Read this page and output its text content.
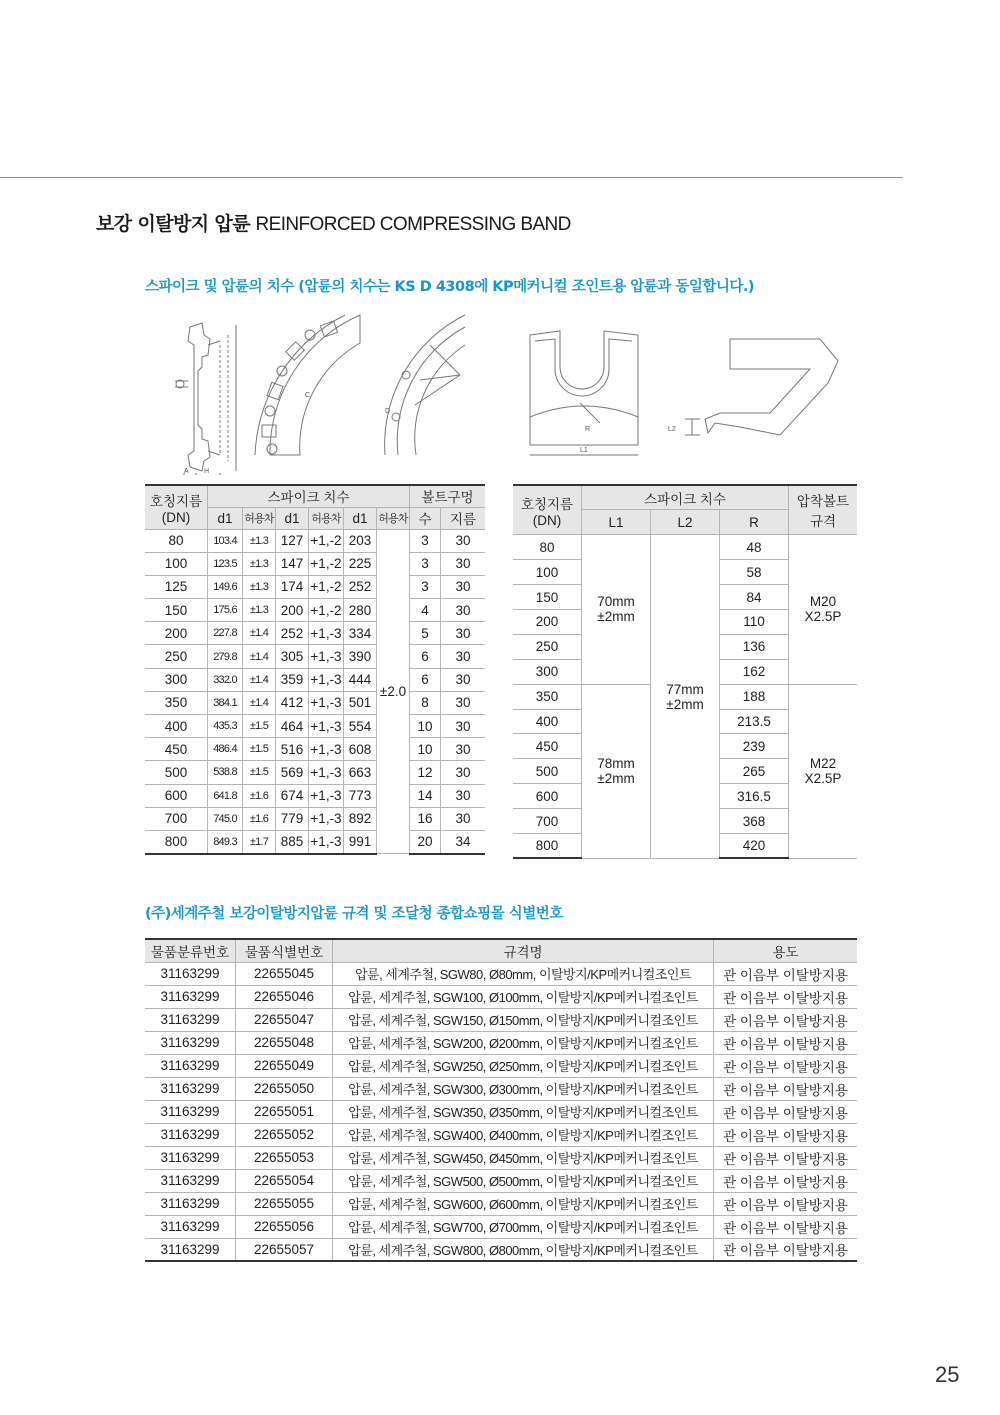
보강 이탈방지 압륜 REINFORCED COMPRESSING BAND
스파이크 및 압륜의 치수 (압륜의 치수는 KS D 4308에 KP메커니컬 조인트용 압륜과 동일합니다.)
A H
C
D
R
L1
L2
호칭지름
(DN)	스파이크 치수						볼트구멍	
	d1	허용차	d1	허용차	d1	허용차	수	지름
80	103.4	±1.3	127	+1,-2	203	±2.0	3	30
100	123.5	±1.3	147	+1,-2	225		3	30
125	149.6	±1.3	174	+1,-2	252		3	30
150	175.6	±1.3	200	+1,-2	280		4	30
200	227.8	±1.4	252	+1,-3	334		5	30
250	279.8	±1.4	305	+1,-3	390		6	30
300	332.0	±1.4	359	+1,-3	444		6	30
350	384.1	±1.4	412	+1,-3	501		8	30
400	435.3	±1.5	464	+1,-3	554		10	30
450	486.4	±1.5	516	+1,-3	608		10	30
500	538.8	±1.5	569	+1,-3	663		12	30
600	641.8	±1.6	674	+1,-3	773		14	30
700	745.0	±1.6	779	+1,-3	892		16	30
800	849.3	±1.7	885	+1,-3	991		20	34
호칭지름
(DN)	스파이크 치수			압착볼트
규격
	L1	L2	R	
80	70mm
±2mm	77mm
±2mm	48	M20
X2.5P
100			58	
150			84	
200			110	
250			136	
300			162	
350	78mm
±2mm		188	M22
X2.5P
400			213.5	
450			239	
500			265	
600			316.5	
700			368	
800			420	
(주)세계주철 보강이탈방지압륜 규격 및 조달청 종합쇼핑몰 식별번호
물품분류번호	물품식별번호	규격명	용도
31163299	22655045	압륜, 세계주철, SGW80, Ø80mm, 이탈방지/KP메커니컬조인트	관 이음부 이탈방지용
31163299	22655046	압륜, 세계주철, SGW100, Ø100mm, 이탈방지/KP메커니컬조인트	관 이음부 이탈방지용
31163299	22655047	압륜, 세계주철, SGW150, Ø150mm, 이탈방지/KP메커니컬조인트	관 이음부 이탈방지용
31163299	22655048	압륜, 세계주철, SGW200, Ø200mm, 이탈방지/KP메커니컬조인트	관 이음부 이탈방지용
31163299	22655049	압륜, 세계주철, SGW250, Ø250mm, 이탈방지/KP메커니컬조인트	관 이음부 이탈방지용
31163299	22655050	압륜, 세계주철, SGW300, Ø300mm, 이탈방지/KP메커니컬조인트	관 이음부 이탈방지용
31163299	22655051	압륜, 세계주철, SGW350, Ø350mm, 이탈방지/KP메커니컬조인트	관 이음부 이탈방지용
31163299	22655052	압륜, 세계주철, SGW400, Ø400mm, 이탈방지/KP메커니컬조인트	관 이음부 이탈방지용
31163299	22655053	압륜, 세계주철, SGW450, Ø450mm, 이탈방지/KP메커니컬조인트	관 이음부 이탈방지용
31163299	22655054	압륜, 세계주철, SGW500, Ø500mm, 이탈방지/KP메커니컬조인트	관 이음부 이탈방지용
31163299	22655055	압륜, 세계주철, SGW600, Ø600mm, 이탈방지/KP메커니컬조인트	관 이음부 이탈방지용
31163299	22655056	압륜, 세계주철, SGW700, Ø700mm, 이탈방지/KP메커니컬조인트	관 이음부 이탈방지용
31163299	22655057	압륜, 세계주철, SGW800, Ø800mm, 이탈방지/KP메커니컬조인트	관 이음부 이탈방지용
25
